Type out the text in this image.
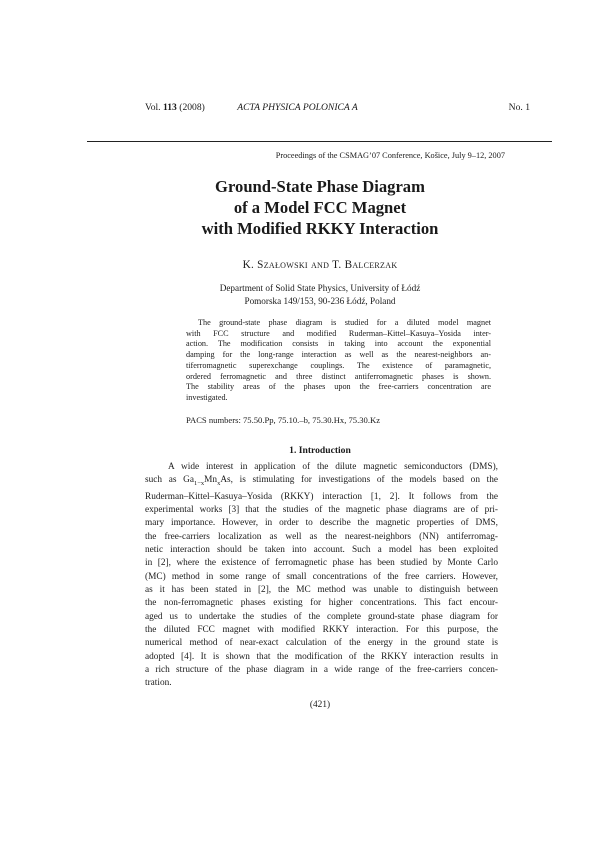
Vol. 113 (2008)	ACTA PHYSICA POLONICA A	No. 1
Proceedings of the CSMAG’07 Conference, Košice, July 9–12, 2007
Ground-State Phase Diagram
of a Model FCC Magnet
with Modified RKKY Interaction
K. Szałowski and T. Balcerzak
Department of Solid State Physics, University of Łódź
Pomorska 149/153, 90-236 Łódź, Poland
The ground-state phase diagram is studied for a diluted model magnet
with FCC structure and modified Ruderman–Kittel–Kasuya–Yosida inter-
action. The modification consists in taking into account the exponential
damping for the long-range interaction as well as the nearest-neighbors an-
tiferromagnetic superexchange couplings. The existence of paramagnetic,
ordered ferromagnetic and three distinct antiferromagnetic phases is shown.
The stability areas of the phases upon the free-carriers concentration are
investigated.
PACS numbers: 75.50.Pp, 75.10.–b, 75.30.Hx, 75.30.Kz
1. Introduction
A wide interest in application of the dilute magnetic semiconductors (DMS),
such as $Ga_{1-x}Mn_xAs$, is stimulating for investigations of the models based on the
Ruderman–Kittel–Kasuya–Yosida (RKKY) interaction [1, 2]. It follows from the
experimental works [3] that the studies of the magnetic phase diagrams are of pri-
mary importance. However, in order to describe the magnetic properties of DMS,
the free-carriers localization as well as the nearest-neighbors (NN) antiferromag-
netic interaction should be taken into account. Such a model has been exploited
in [2], where the existence of ferromagnetic phase has been studied by Monte Carlo
(MC) method in some range of small concentrations of the free carriers. However,
as it has been stated in [2], the MC method was unable to distinguish between
the non-ferromagnetic phases existing for higher concentrations. This fact encour-
aged us to undertake the studies of the complete ground-state phase diagram for
the diluted FCC magnet with modified RKKY interaction. For this purpose, the
numerical method of near-exact calculation of the energy in the ground state is
adopted [4]. It is shown that the modification of the RKKY interaction results in
a rich structure of the phase diagram in a wide range of the free-carriers concen-
tration.
(421)
